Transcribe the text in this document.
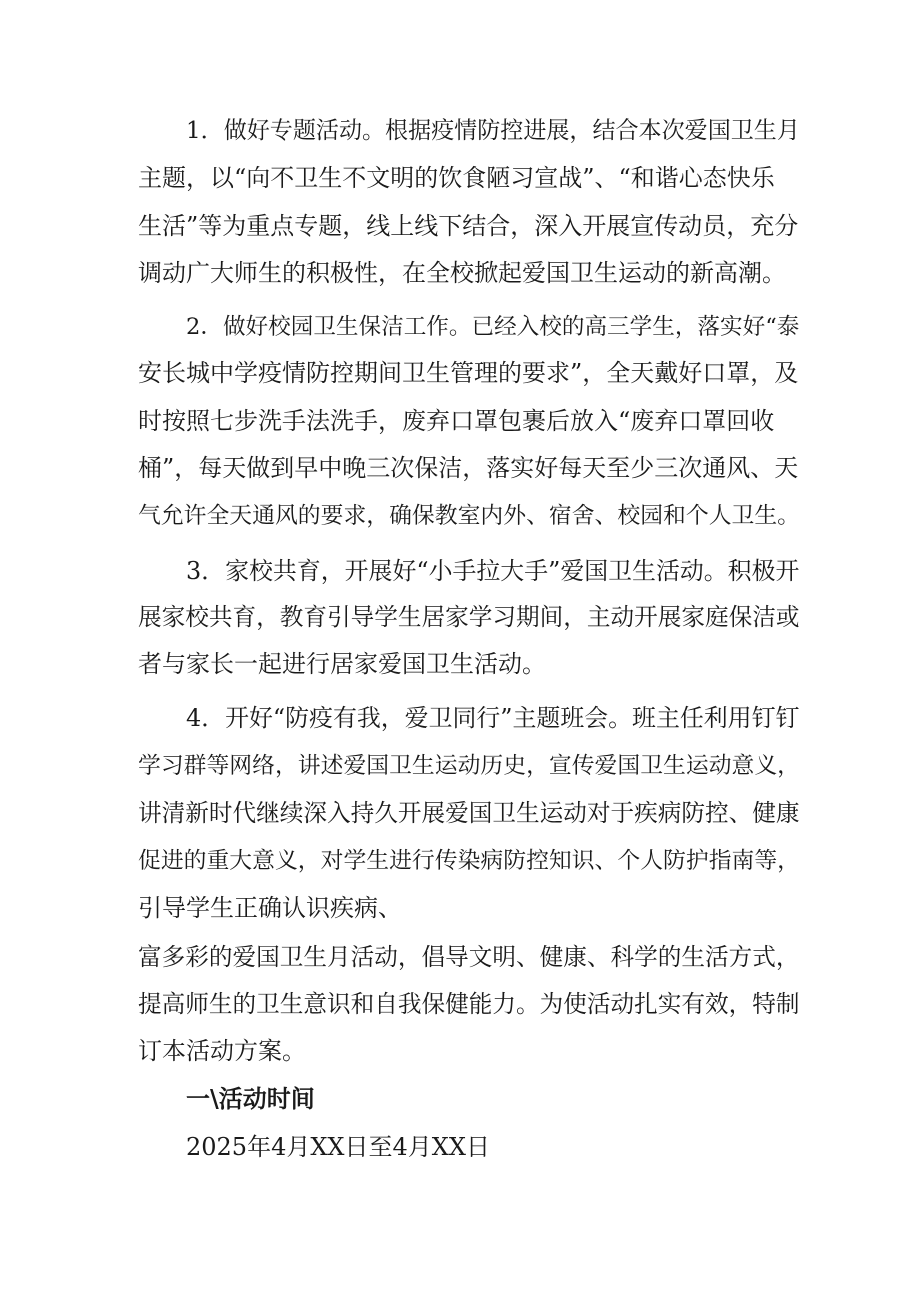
1．做好专题活动。根据疫情防控进展，结合本次爱国卫生月

主题，以“向不卫生不文明的饮食陋习宣战”、“和谐心态快乐

生活”等为重点专题，线上线下结合，深入开展宣传动员，充分

调动广大师生的积极性，在全校掀起爱国卫生运动的新高潮。

2．做好校园卫生保洁工作。已经入校的高三学生，落实好“泰

安长城中学疫情防控期间卫生管理的要求”，全天戴好口罩，及

时按照七步洗手法洗手，废弃口罩包裹后放入“废弃口罩回收

桶”，每天做到早中晚三次保洁，落实好每天至少三次通风、天

气允许全天通风的要求，确保教室内外、宿舍、校园和个人卫生。

3．家校共育，开展好“小手拉大手”爱国卫生活动。积极开

展家校共育，教育引导学生居家学习期间，主动开展家庭保洁或

者与家长一起进行居家爱国卫生活动。

4．开好“防疫有我，爱卫同行”主题班会。班主任利用钉钉

学习群等网络，讲述爱国卫生运动历史，宣传爱国卫生运动意义，

讲清新时代继续深入持久开展爱国卫生运动对于疾病防控、健康

促进的重大意义，对学生进行传染病防控知识、个人防护指南等，

引导学生正确认识疾病、

富多彩的爱国卫生月活动，倡导文明、健康、科学的生活方式，

提高师生的卫生意识和自我保健能力。为使活动扎实有效，特制

订本活动方案。

一\活动时间

2025年4月XX日至4月XX日
